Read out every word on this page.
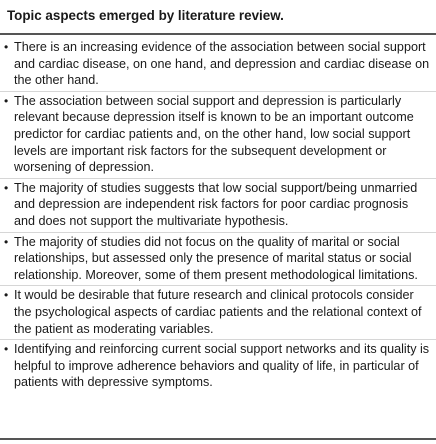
Topic aspects emerged by literature review.
• There is an increasing evidence of the association between social support and cardiac disease, on one hand, and depression and cardiac disease on the other hand.
• The association between social support and depression is particularly relevant because depression itself is known to be an important outcome predictor for cardiac patients and, on the other hand, low social support levels are important risk factors for the subsequent development or worsening of depression.
• The majority of studies suggests that low social support/being unmarried and depression are independent risk factors for poor cardiac prognosis and does not support the multivariate hypothesis.
• The majority of studies did not focus on the quality of marital or social relationships, but assessed only the presence of marital status or social relationship. Moreover, some of them present methodological limitations.
• It would be desirable that future research and clinical protocols consider the psychological aspects of cardiac patients and the relational context of the patient as moderating variables.
• Identifying and reinforcing current social support networks and its quality is helpful to improve adherence behaviors and quality of life, in particular of patients with depressive symptoms.
